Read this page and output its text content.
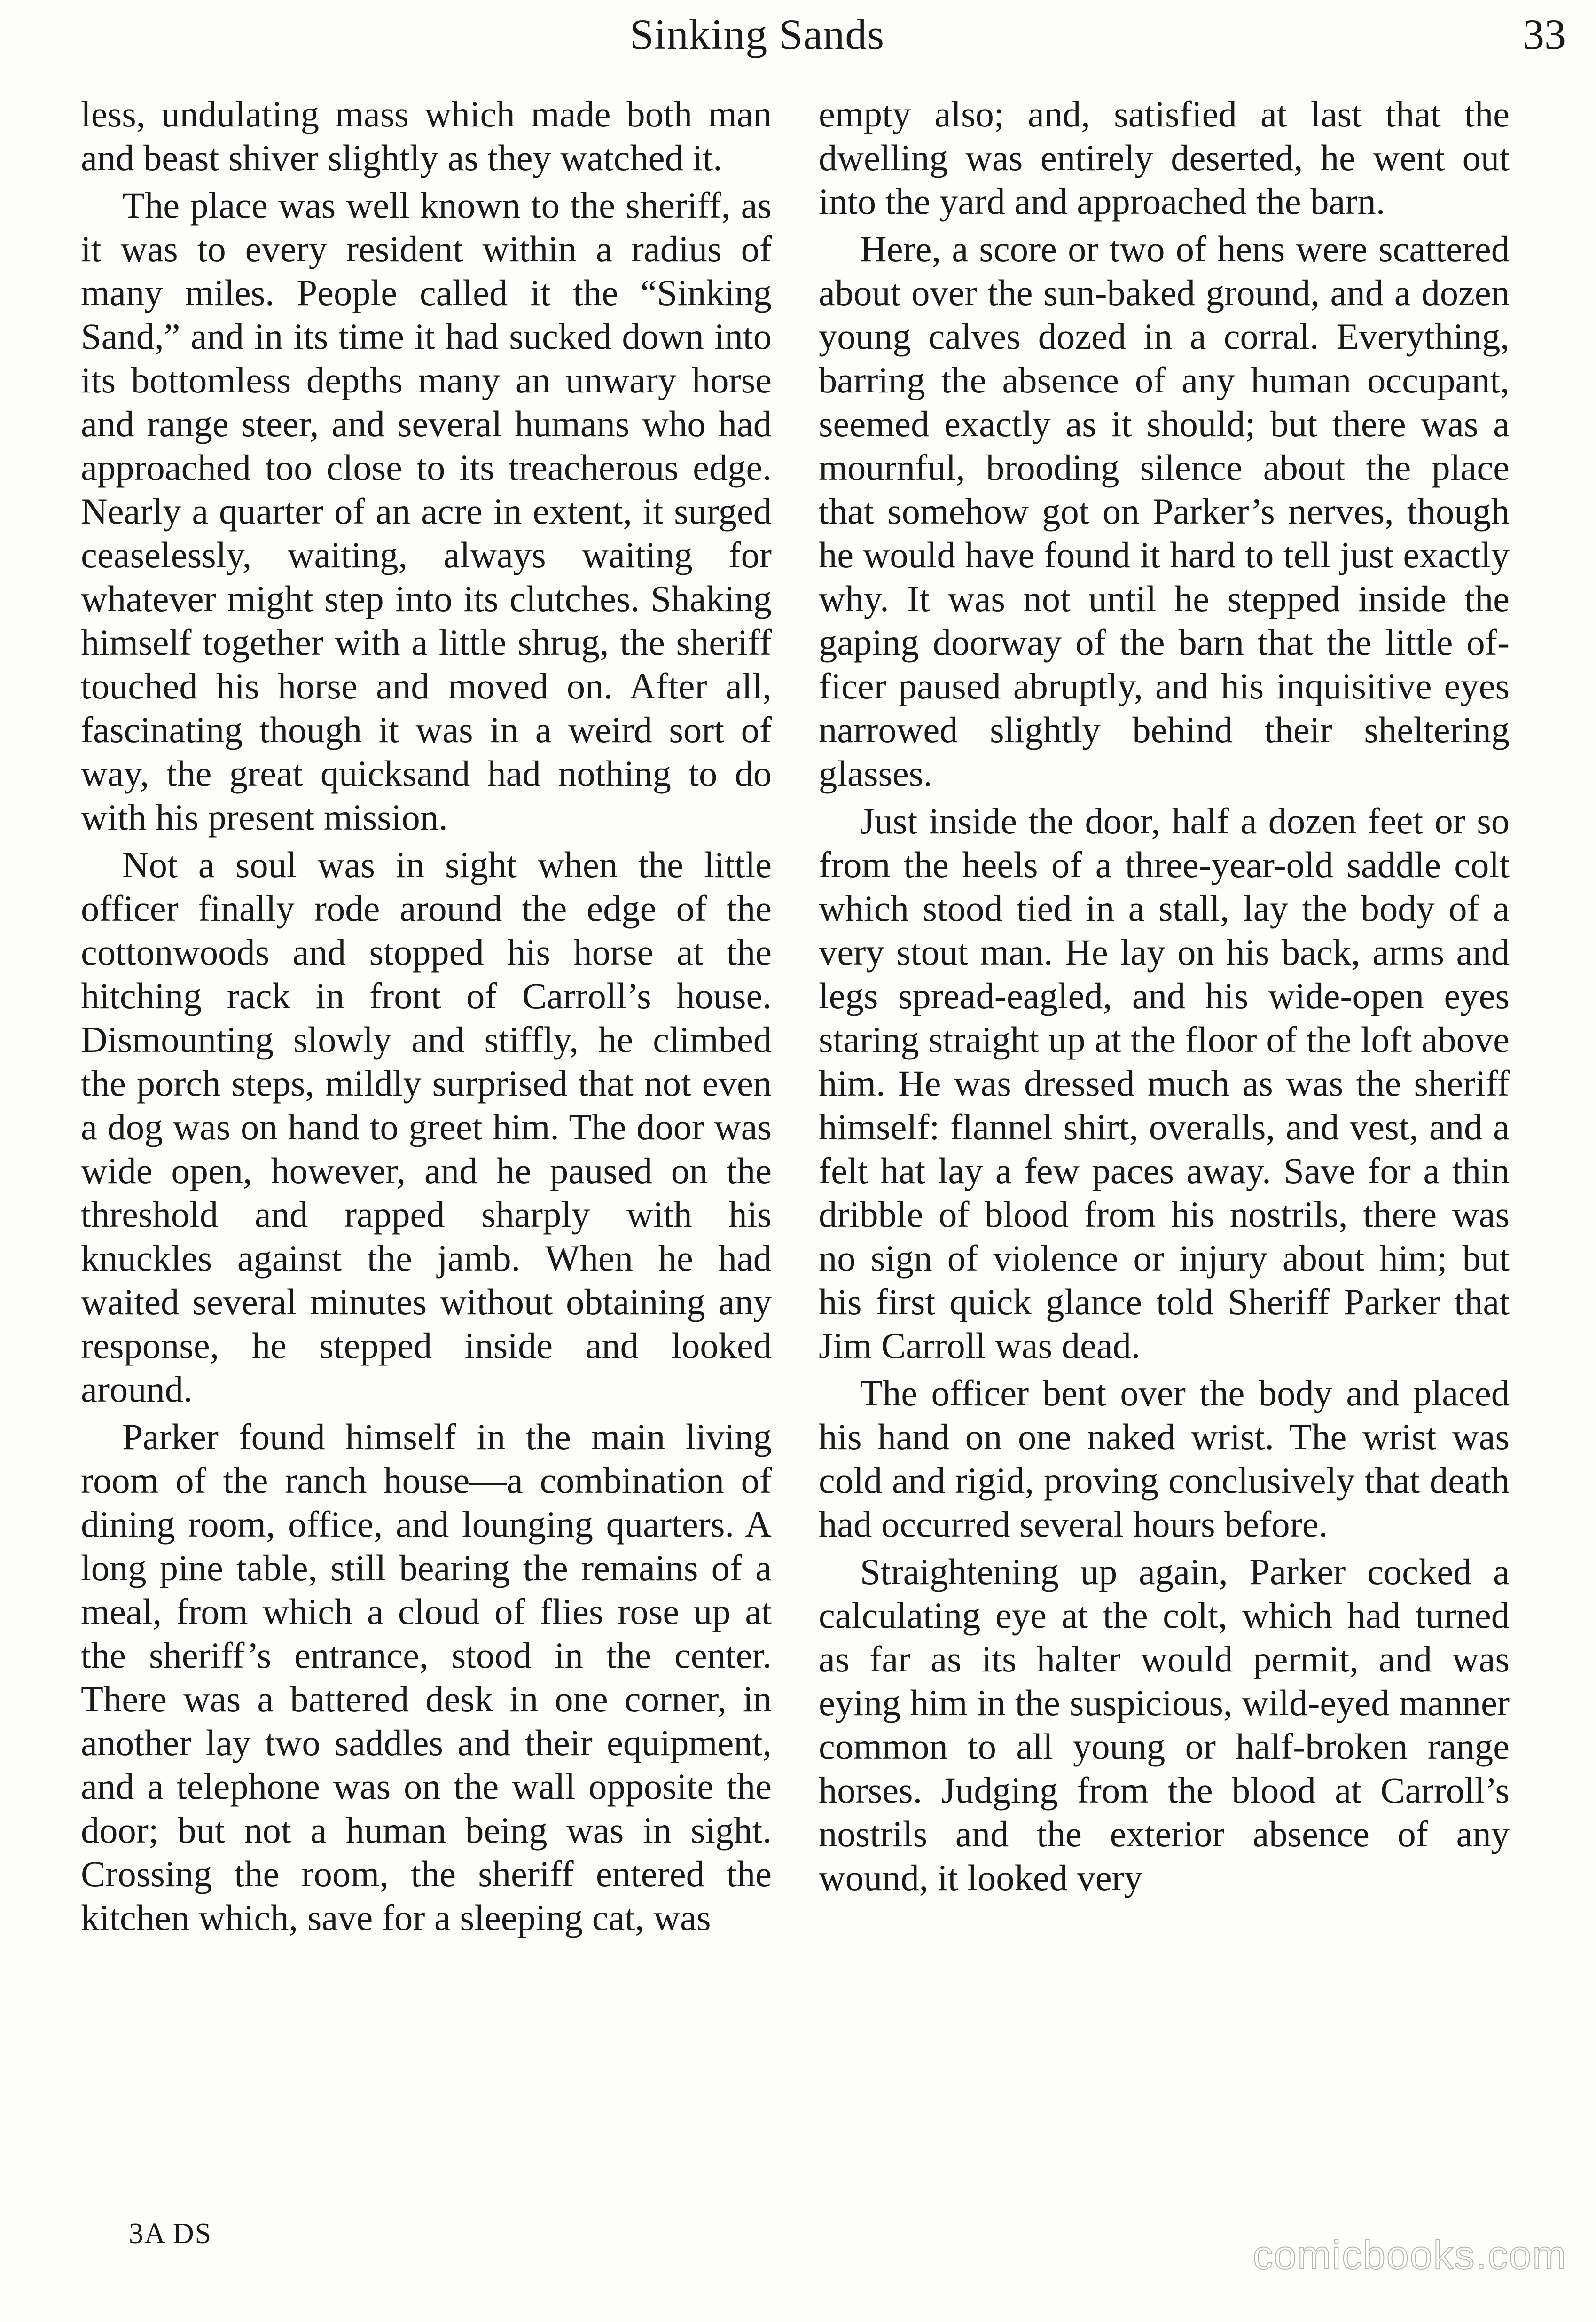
Sinking Sands	33

less, undulating mass which made both man and beast shiver slightly as they watched it.

The place was well known to the sheriff, as it was to every resident within a radius of many miles. People called it the “Sinking Sand,” and in its time it had sucked down into its bottomless depths many an unwary horse and range steer, and several humans who had approached too close to its treacherous edge. Nearly a quarter of an acre in extent, it surged ceaselessly, waiting, always waiting for whatever might step into its clutches. Shaking himself together with a little shrug, the sheriff touched his horse and moved on. After all, fascinating though it was in a weird sort of way, the great quicksand had nothing to do with his present mission.

Not a soul was in sight when the little officer finally rode around the edge of the cottonwoods and stopped his horse at the hitching rack in front of Carroll’s house. Dismounting slowly and stiffly, he climbed the porch steps, mildly surprised that not even a dog was on hand to greet him. The door was wide open, however, and he paused on the threshold and rapped sharply with his knuckles against the jamb. When he had waited several minutes without obtaining any response, he stepped inside and looked around.

Parker found himself in the main living room of the ranch house—a combination of dining room, office, and lounging quarters. A long pine table, still bearing the remains of a meal, from which a cloud of flies rose up at the sheriff’s entrance, stood in the center. There was a battered desk in one corner, in another lay two saddles and their equipment, and a telephone was on the wall opposite the door; but not a human being was in sight. Crossing the room, the sheriff entered the kitchen which, save for a sleeping cat, was

empty also; and, satisfied at last that the dwelling was entirely deserted, he went out into the yard and approached the barn.

Here, a score or two of hens were scattered about over the sun-baked ground, and a dozen young calves dozed in a corral. Everything, barring the absence of any human occupant, seemed exactly as it should; but there was a mournful, brooding silence about the place that somehow got on Parker’s nerves, though he would have found it hard to tell just exactly why. It was not until he stepped inside the gaping doorway of the barn that the little officer paused abruptly, and his inquisitive eyes narrowed slightly behind their sheltering glasses.

Just inside the door, half a dozen feet or so from the heels of a three-year-old saddle colt which stood tied in a stall, lay the body of a very stout man. He lay on his back, arms and legs spread-eagled, and his wide-open eyes staring straight up at the floor of the loft above him. He was dressed much as was the sheriff himself: flannel shirt, overalls, and vest, and a felt hat lay a few paces away. Save for a thin dribble of blood from his nostrils, there was no sign of violence or injury about him; but his first quick glance told Sheriff Parker that Jim Carroll was dead.

The officer bent over the body and placed his hand on one naked wrist. The wrist was cold and rigid, proving conclusively that death had occurred several hours before.

Straightening up again, Parker cocked a calculating eye at the colt, which had turned as far as its halter would permit, and was eying him in the suspicious, wild-eyed manner common to all young or half-broken range horses. Judging from the blood at Carroll’s nostrils and the exterior absence of any wound, it looked very

3A DS	comicbooks.com
